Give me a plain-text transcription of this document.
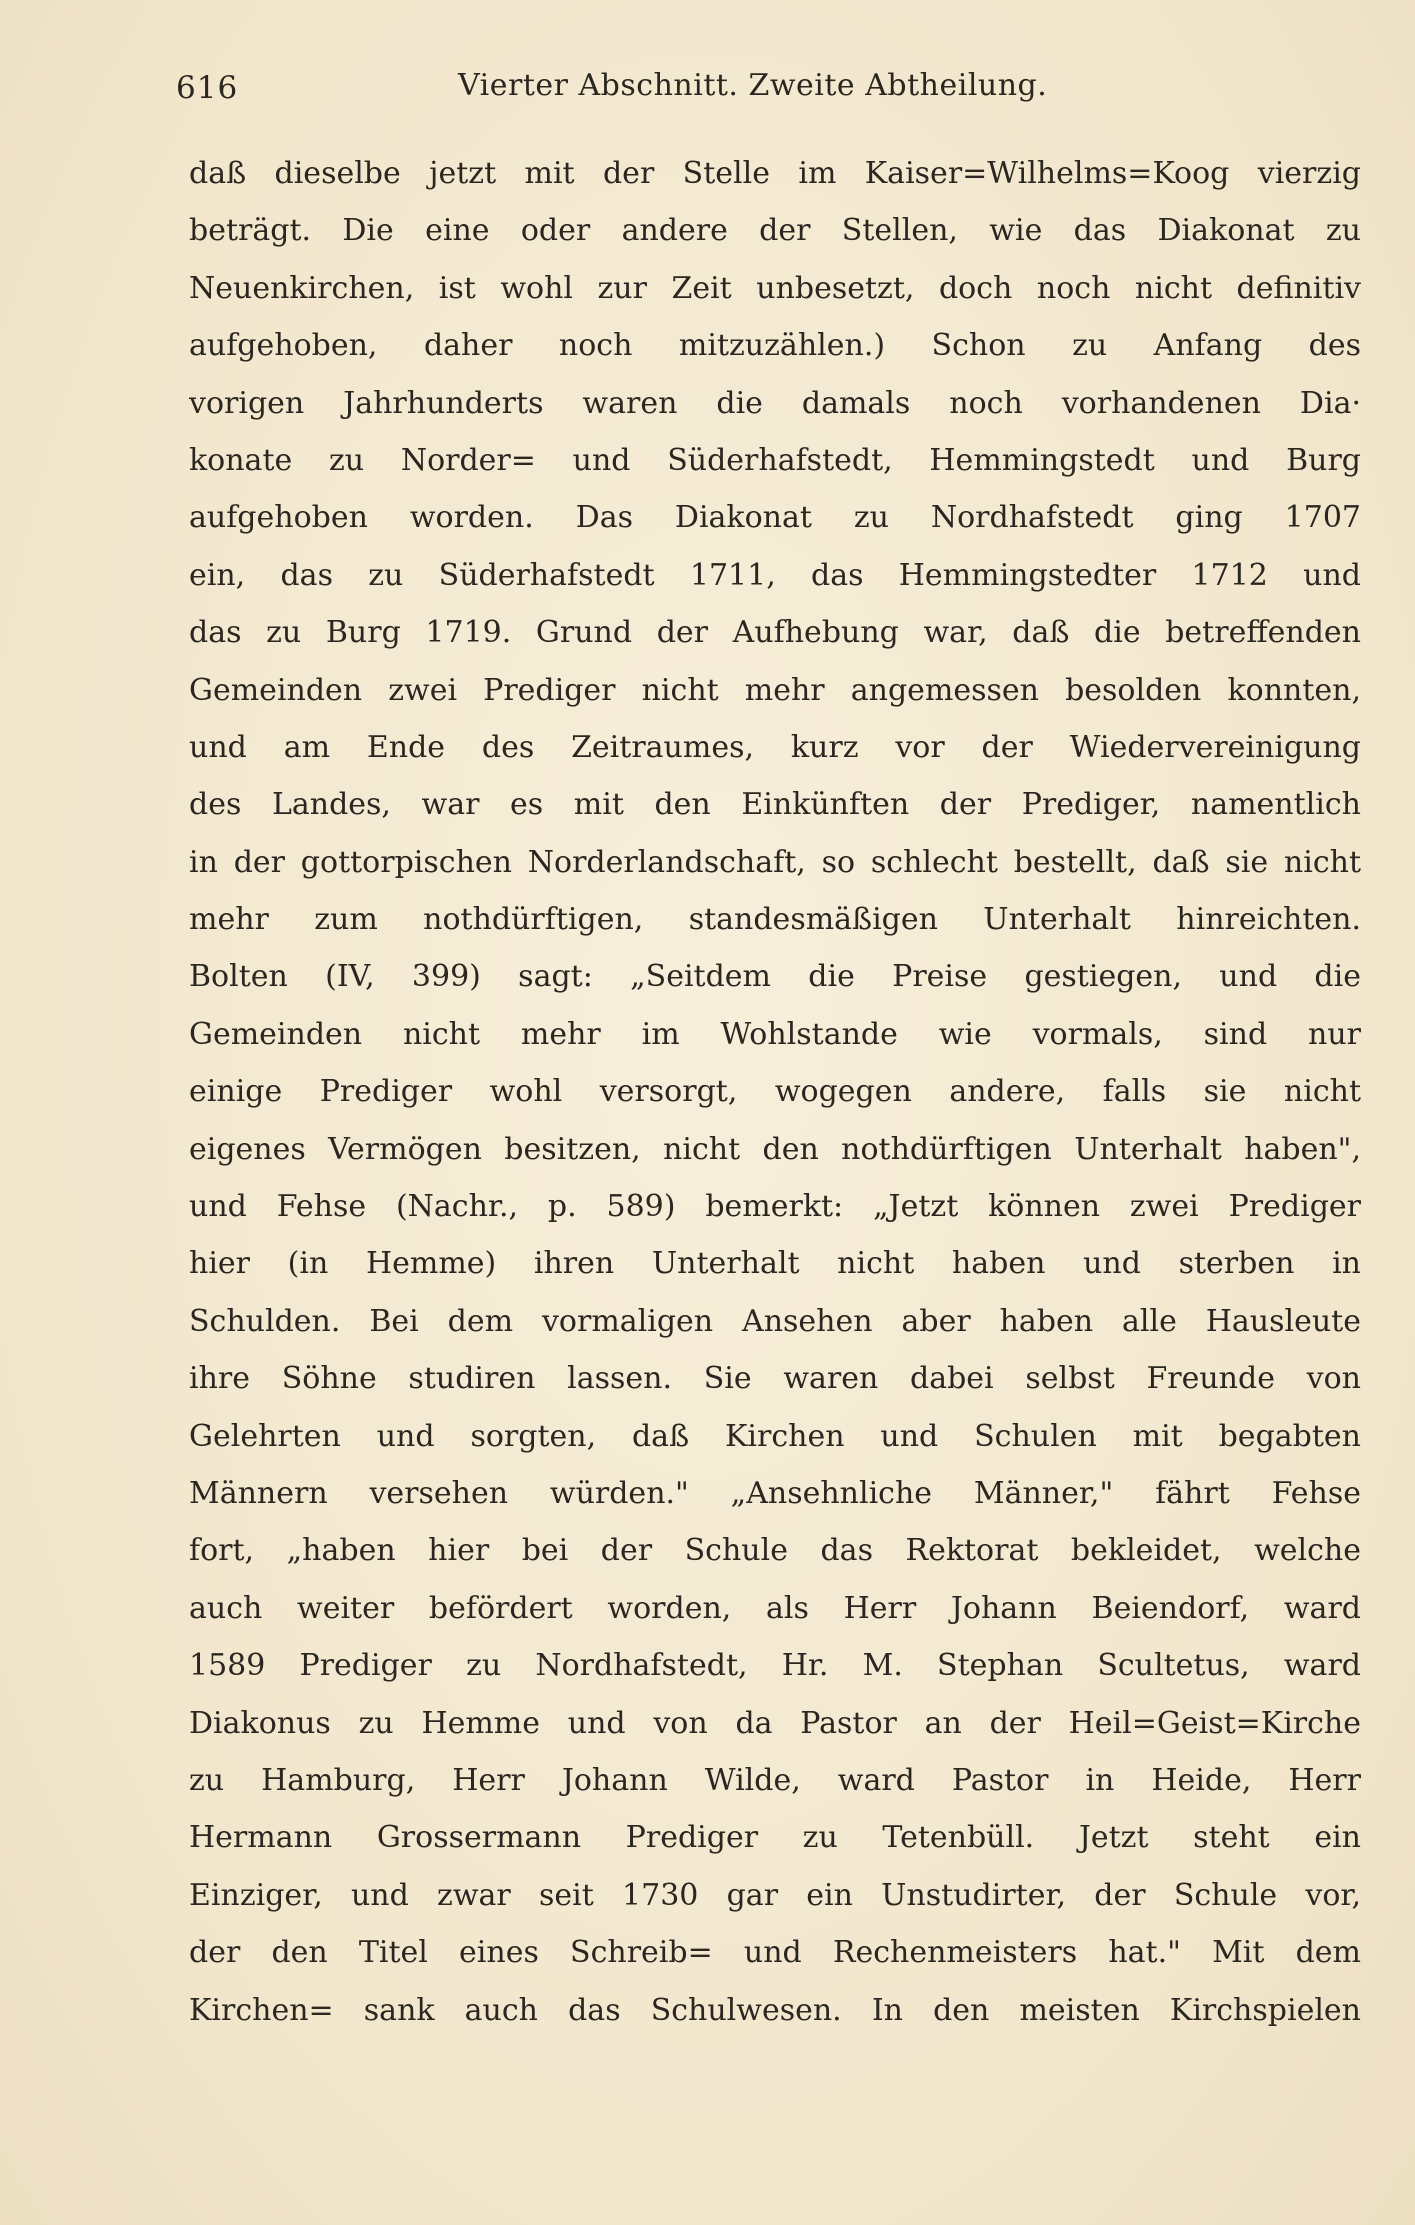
616	Vierter Abschnitt. Zweite Abtheilung.
daß dieselbe jetzt mit der Stelle im Kaiser=Wilhelms=Koog vierzig
beträgt. Die eine oder andere der Stellen, wie das Diakonat zu
Neuenkirchen, ist wohl zur Zeit unbesetzt, doch noch nicht definitiv
aufgehoben, daher noch mitzuzählen.) Schon zu Anfang des
vorigen Jahrhunderts waren die damals noch vorhandenen Dia·
konate zu Norder= und Süderhafstedt, Hemmingstedt und Burg
aufgehoben worden. Das Diakonat zu Nordhafstedt ging 1707
ein, das zu Süderhafstedt 1711, das Hemmingstedter 1712 und
das zu Burg 1719. Grund der Aufhebung war, daß die betreffenden
Gemeinden zwei Prediger nicht mehr angemessen besolden konnten,
und am Ende des Zeitraumes, kurz vor der Wiedervereinigung
des Landes, war es mit den Einkünften der Prediger, namentlich
in der gottorpischen Norderlandschaft, so schlecht bestellt, daß sie nicht
mehr zum nothdürftigen, standesmäßigen Unterhalt hinreichten.
Bolten (IV, 399) sagt: „Seitdem die Preise gestiegen, und die
Gemeinden nicht mehr im Wohlstande wie vormals, sind nur
einige Prediger wohl versorgt, wogegen andere, falls sie nicht
eigenes Vermögen besitzen, nicht den nothdürftigen Unterhalt haben",
und Fehse (Nachr., p. 589) bemerkt: „Jetzt können zwei Prediger
hier (in Hemme) ihren Unterhalt nicht haben und sterben in
Schulden. Bei dem vormaligen Ansehen aber haben alle Hausleute
ihre Söhne studiren lassen. Sie waren dabei selbst Freunde von
Gelehrten und sorgten, daß Kirchen und Schulen mit begabten
Männern versehen würden." „Ansehnliche Männer," fährt Fehse
fort, „haben hier bei der Schule das Rektorat bekleidet, welche
auch weiter befördert worden, als Herr Johann Beiendorf, ward
1589 Prediger zu Nordhafstedt, Hr. M. Stephan Scultetus, ward
Diakonus zu Hemme und von da Pastor an der Heil=Geist=Kirche
zu Hamburg, Herr Johann Wilde, ward Pastor in Heide, Herr
Hermann Grossermann Prediger zu Tetenbüll. Jetzt steht ein
Einziger, und zwar seit 1730 gar ein Unstudirter, der Schule vor,
der den Titel eines Schreib= und Rechenmeisters hat." Mit dem
Kirchen= sank auch das Schulwesen. In den meisten Kirchspielen
